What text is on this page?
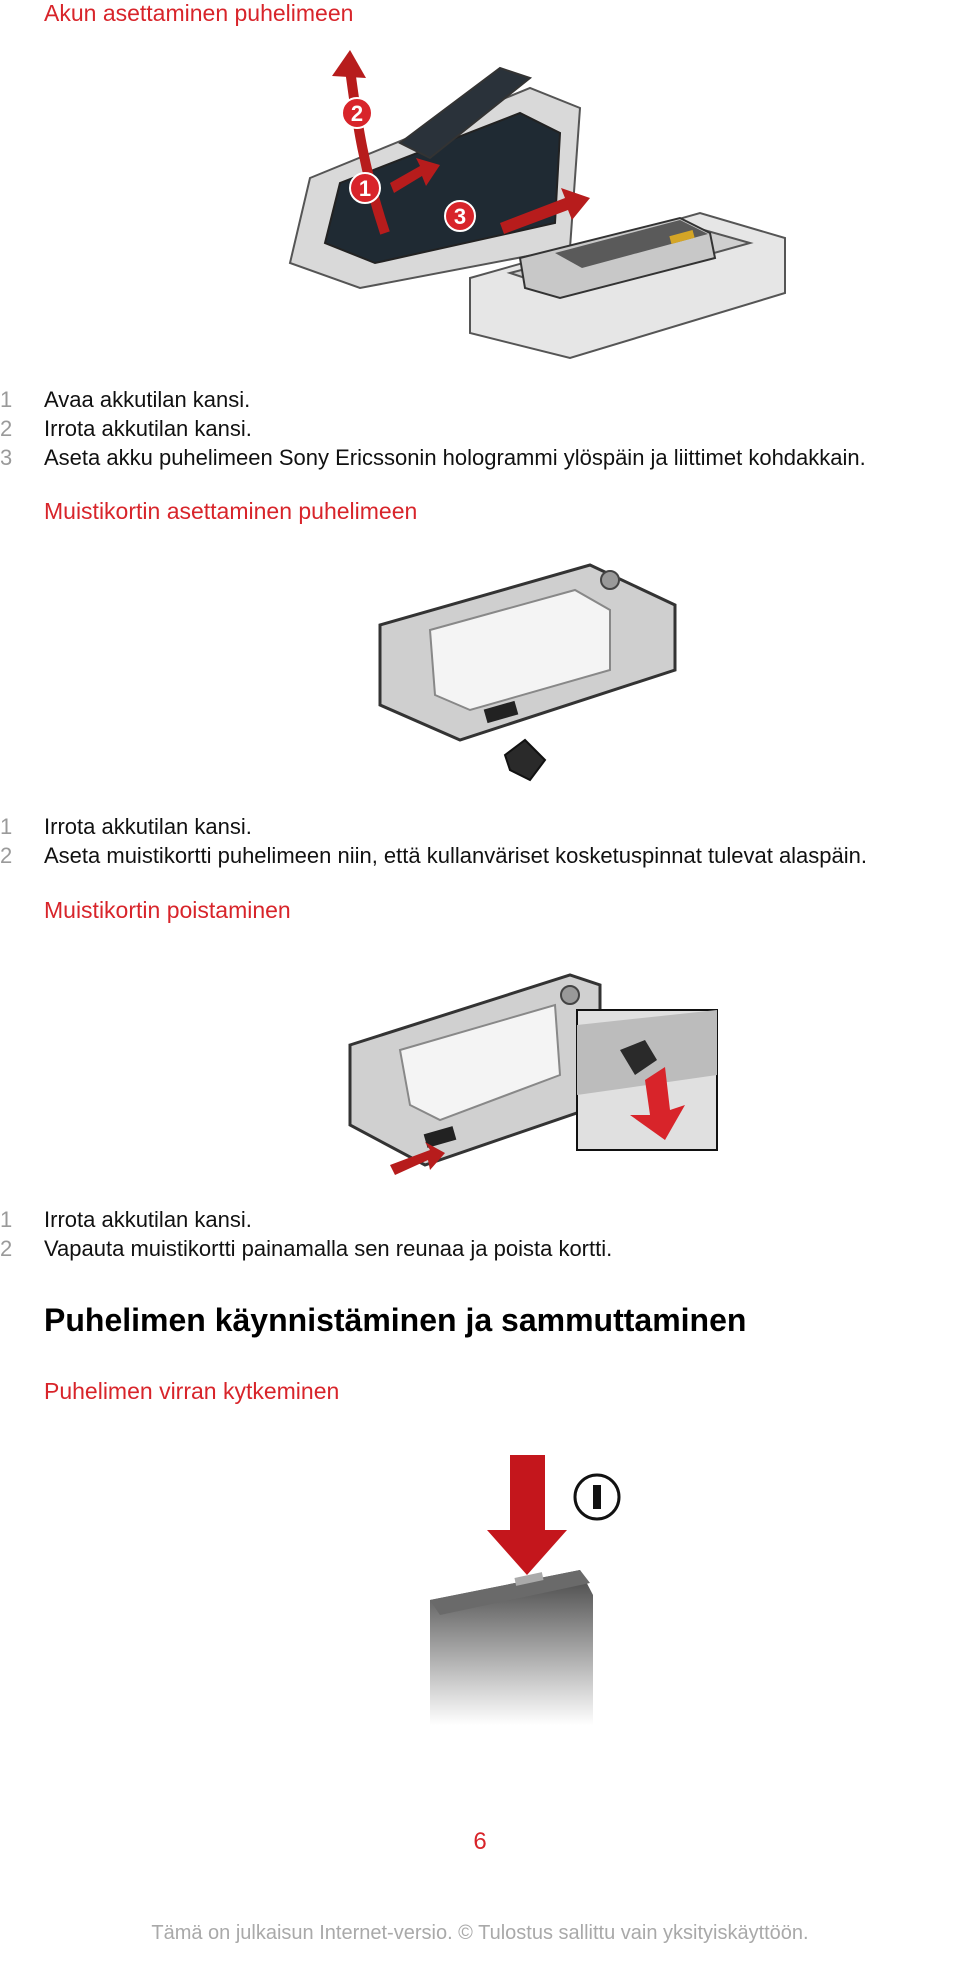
Akun asettaminen puhelimeen
1
2
3
1 Avaa akkutilan kansi.
2 Irrota akkutilan kansi.
3 Aseta akku puhelimeen Sony Ericssonin hologrammi ylöspäin ja liittimet kohdakkain.
Muistikortin asettaminen puhelimeen
1 Irrota akkutilan kansi.
2 Aseta muistikortti puhelimeen niin, että kullanväriset kosketuspinnat tulevat alaspäin.
Muistikortin poistaminen
1 Irrota akkutilan kansi.
2 Vapauta muistikortti painamalla sen reunaa ja poista kortti.
Puhelimen käynnistäminen ja sammuttaminen
Puhelimen virran kytkeminen
6
Tämä on julkaisun Internet-versio. © Tulostus sallittu vain yksityiskäyttöön.
